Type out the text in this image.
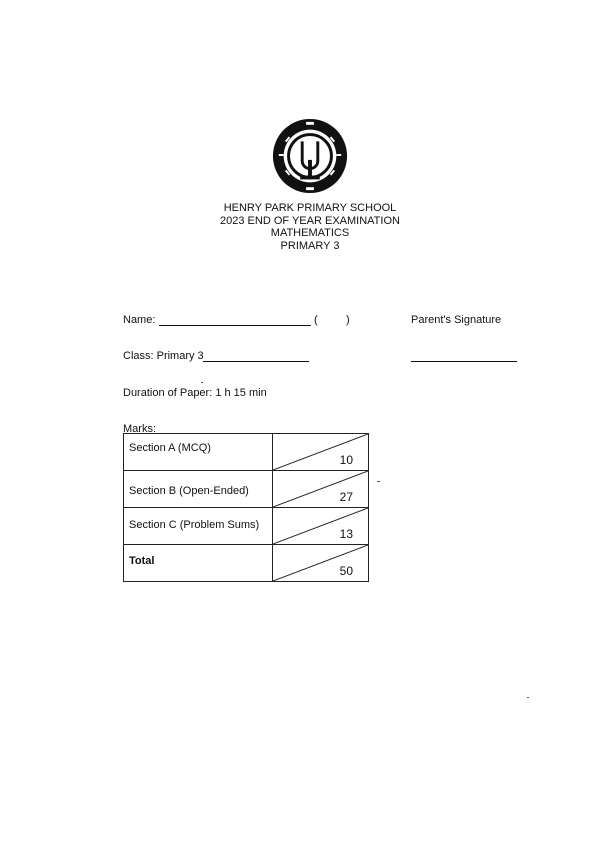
HENRY PARK PRIMARY SCHOOL
2023 END OF YEAR EXAMINATION
MATHEMATICS
PRIMARY 3
Name:	(	)	Parent's Signature
Class: Primary 3
Duration of Paper: 1 h 15 min
Marks:
Section A (MCQ)	10

Section B (Open-Ended)	27

Section C (Problem Sums)	13

Total	50
